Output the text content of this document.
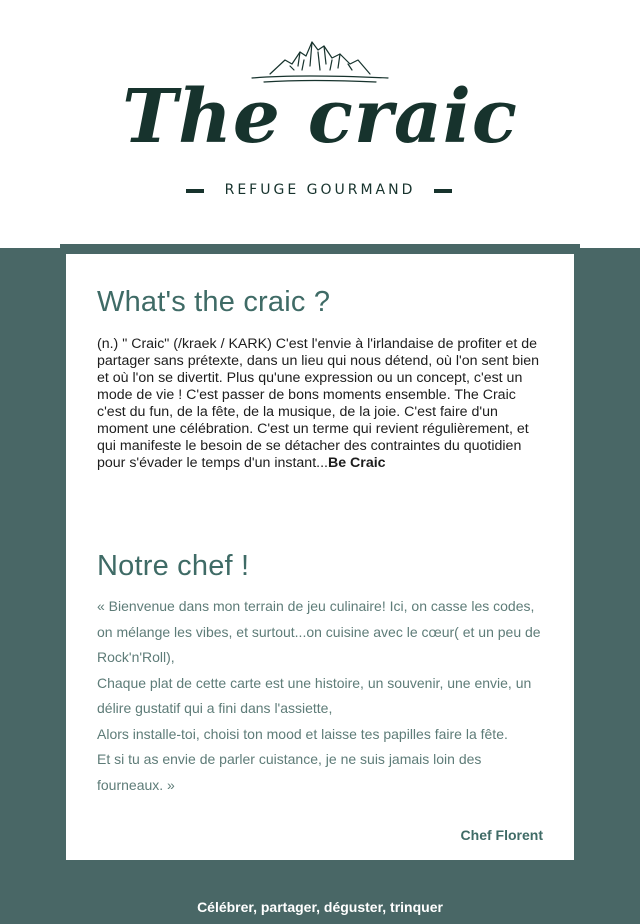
The craic
REFUGE GOURMAND
What's the craic ?
(n.) " Craic" (/kraek / KARK) C'est l'envie à l'irlandaise de profiter et de partager sans prétexte, dans un lieu qui nous détend, où l'on sent bien et où l'on se divertit. Plus qu'une expression ou un concept, c'est un mode de vie ! C'est passer de bons moments ensemble. The Craic c'est du fun, de la fête, de la musique, de la joie. C'est faire d'un moment une célébration. C'est un terme qui revient régulièrement, et qui manifeste le besoin de se détacher des contraintes du quotidien pour s'évader le temps d'un instant...Be Craic
Notre chef !

« Bienvenue dans mon terrain de jeu culinaire! Ici, on casse les codes, on mélange les vibes, et surtout...on cuisine avec le cœur( et un peu de Rock'n'Roll),

Chaque plat de cette carte est une histoire, un souvenir, une envie, un délire gustatif qui a fini dans l'assiette,

Alors installe-toi, choisi ton mood et laisse tes papilles faire la fête.

Et si tu as envie de parler cuistance, je ne suis jamais loin des fourneaux. »

Chef Florent
Célébrer, partager, déguster, trinquer
